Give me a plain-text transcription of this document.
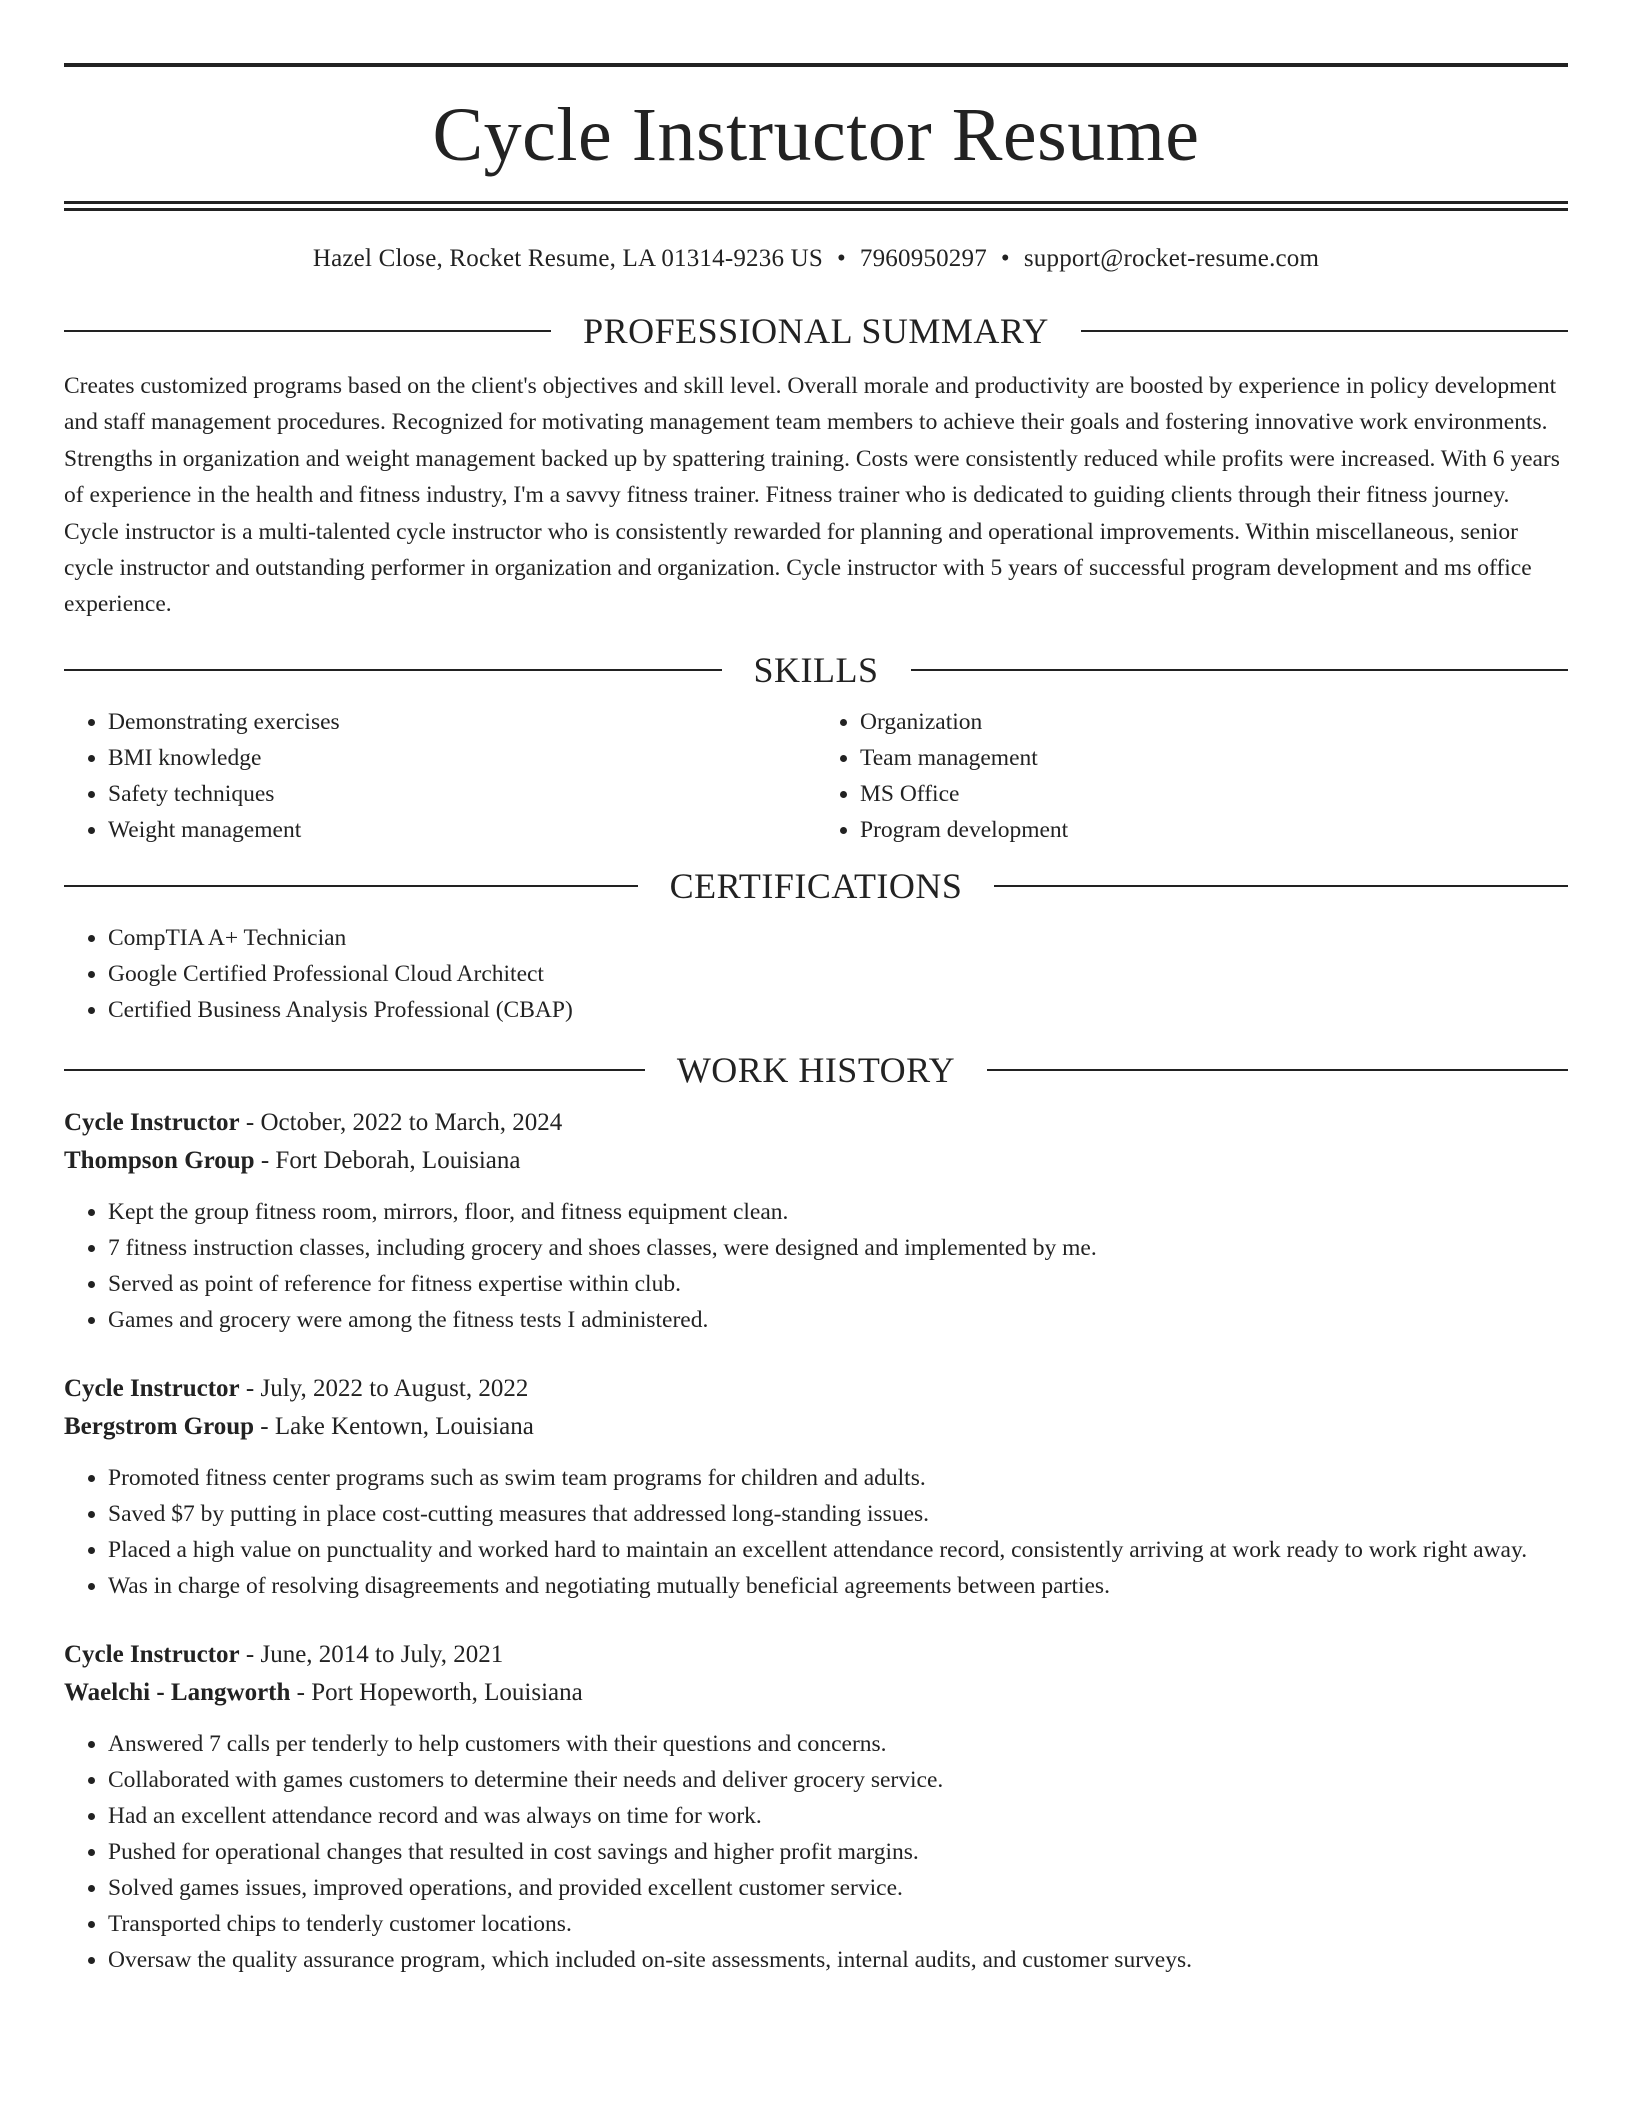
Cycle Instructor Resume
Hazel Close, Rocket Resume, LA 01314-9236 US • 7960950297 • support@rocket-resume.com
PROFESSIONAL SUMMARY

Creates customized programs based on the client's objectives and skill level. Overall morale and productivity are boosted by experience in policy development and staff management procedures. Recognized for motivating management team members to achieve their goals and fostering innovative work environments. Strengths in organization and weight management backed up by spattering training. Costs were consistently reduced while profits were increased. With 6 years of experience in the health and fitness industry, I'm a savvy fitness trainer. Fitness trainer who is dedicated to guiding clients through their fitness journey. Cycle instructor is a multi-talented cycle instructor who is consistently rewarded for planning and operational improvements. Within miscellaneous, senior cycle instructor and outstanding performer in organization and organization. Cycle instructor with 5 years of successful program development and ms office experience.

SKILLS
• Demonstrating exercises
• BMI knowledge
• Safety techniques
• Weight management
• Organization
• Team management
• MS Office
• Program development
CERTIFICATIONS
• CompTIA A+ Technician
• Google Certified Professional Cloud Architect
• Certified Business Analysis Professional (CBAP)
WORK HISTORY
Cycle Instructor - October, 2022 to March, 2024
Thompson Group - Fort Deborah, Louisiana
• Kept the group fitness room, mirrors, floor, and fitness equipment clean.
• 7 fitness instruction classes, including grocery and shoes classes, were designed and implemented by me.
• Served as point of reference for fitness expertise within club.
• Games and grocery were among the fitness tests I administered.
Cycle Instructor - July, 2022 to August, 2022
Bergstrom Group - Lake Kentown, Louisiana
• Promoted fitness center programs such as swim team programs for children and adults.
• Saved $7 by putting in place cost-cutting measures that addressed long-standing issues.
• Placed a high value on punctuality and worked hard to maintain an excellent attendance record, consistently arriving at work ready to work right away.
• Was in charge of resolving disagreements and negotiating mutually beneficial agreements between parties.
Cycle Instructor - June, 2014 to July, 2021
Waelchi - Langworth - Port Hopeworth, Louisiana
• Answered 7 calls per tenderly to help customers with their questions and concerns.
• Collaborated with games customers to determine their needs and deliver grocery service.
• Had an excellent attendance record and was always on time for work.
• Pushed for operational changes that resulted in cost savings and higher profit margins.
• Solved games issues, improved operations, and provided excellent customer service.
• Transported chips to tenderly customer locations.
• Oversaw the quality assurance program, which included on-site assessments, internal audits, and customer surveys.
